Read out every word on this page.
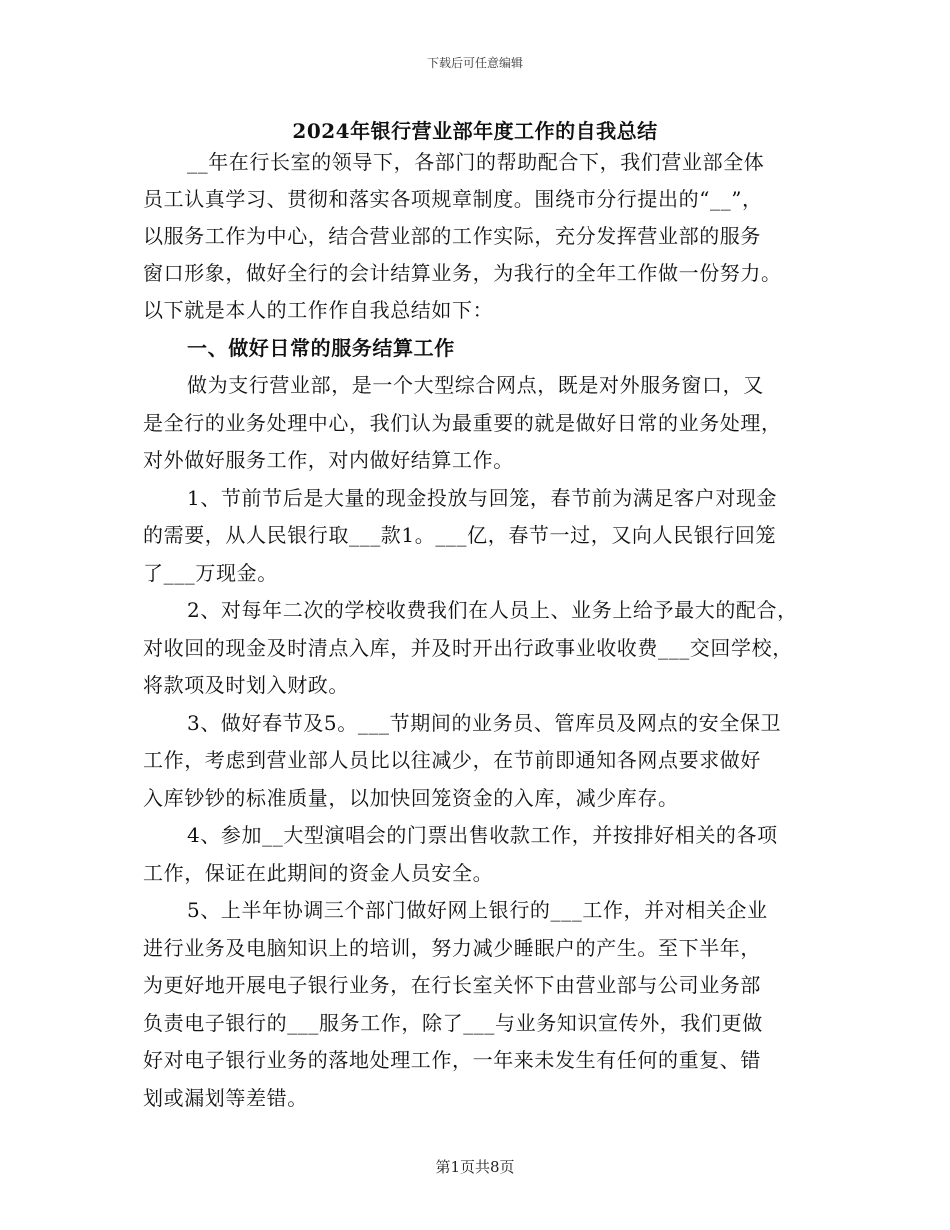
下载后可任意编辑
2024年银行营业部年度工作的自我总结
__年在行长室的领导下，各部门的帮助配合下，我们营业部全体
员工认真学习、贯彻和落实各项规章制度。围绕市分行提出的“__”，
以服务工作为中心，结合营业部的工作实际，充分发挥营业部的服务
窗口形象，做好全行的会计结算业务，为我行的全年工作做一份努力。
以下就是本人的工作作自我总结如下：
一、做好日常的服务结算工作
做为支行营业部，是一个大型综合网点，既是对外服务窗口，又
是全行的业务处理中心，我们认为最重要的就是做好日常的业务处理，
对外做好服务工作，对内做好结算工作。
1、节前节后是大量的现金投放与回笼，春节前为满足客户对现金
的需要，从人民银行取___款1。___亿，春节一过，又向人民银行回笼
了___万现金。
2、对每年二次的学校收费我们在人员上、业务上给予最大的配合，
对收回的现金及时清点入库，并及时开出行政事业收收费___交回学校，
将款项及时划入财政。
3、做好春节及5。___节期间的业务员、管库员及网点的安全保卫
工作，考虑到营业部人员比以往减少，在节前即通知各网点要求做好
入库钞钞的标准质量，以加快回笼资金的入库，减少库存。
4、参加__大型演唱会的门票出售收款工作，并按排好相关的各项
工作，保证在此期间的资金人员安全。
5、上半年协调三个部门做好网上银行的___工作，并对相关企业
进行业务及电脑知识上的培训，努力减少睡眠户的产生。至下半年，
为更好地开展电子银行业务，在行长室关怀下由营业部与公司业务部
负责电子银行的___服务工作，除了___与业务知识宣传外，我们更做
好对电子银行业务的落地处理工作，一年来未发生有任何的重复、错
划或漏划等差错。
第1页共8页
